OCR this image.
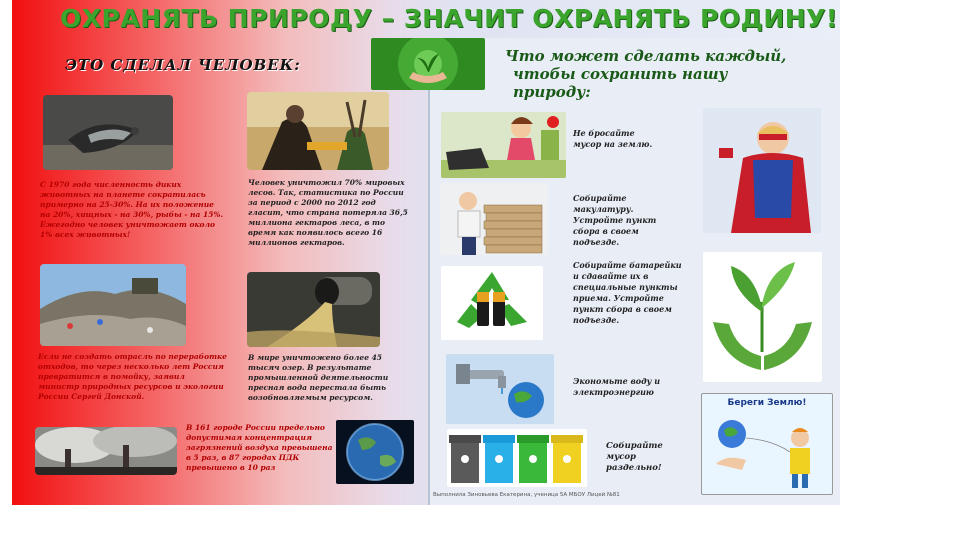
ОХРАНЯТЬ ПРИРОДУ – ЗНАЧИТ ОХРАНЯТЬ РОДИНУ!
ЭТО СДЕЛАЛ ЧЕЛОВЕК:	Что может сделать каждый,
чтобы сохранить нашу
природу:
С 1970 года численность диких животных на планете сократилась примерно на 25-30%. На их положение на 20%, хищных - на 30%, рыбы - на 15%. Ежегодно человек уничтожает около 1% всех животных!
Человек уничтожил 70% мировых лесов. Так, статистика по России за период с 2000 по 2012 год гласит, что страна потеряла 36,5 миллиона гектаров леса, в то время как появилось всего 16 миллионов гектаров.
Если не создать отрасль по переработке отходов, то через несколько лет Россия превратится в помойку, заявил министр природных ресурсов и экологии России Сергей Донской.
В мире уничтожено более 45 тысяч озер. В результате промышленной деятельности пресная вода перестала быть возобновляемым ресурсом.
В 161 городе России предельно допустимая концентрация загрязнений воздуха превышена в 5 раз, в 87 городах ПДК превышено в 10 раз
Не бросайте мусор на землю.
Собирайте макулатуру. Устройте пункт сбора в своем подъезде.
Собирайте батарейки и сдавайте их в специальные пункты приема. Устройте пункт сбора в своем подъезде.
Экономьте воду и электроэнергию
Собирайте мусор раздельно!
Береги Землю!
Выполнила Зиновьева Екатерина, ученица 5А МБОУ Лицей №81
